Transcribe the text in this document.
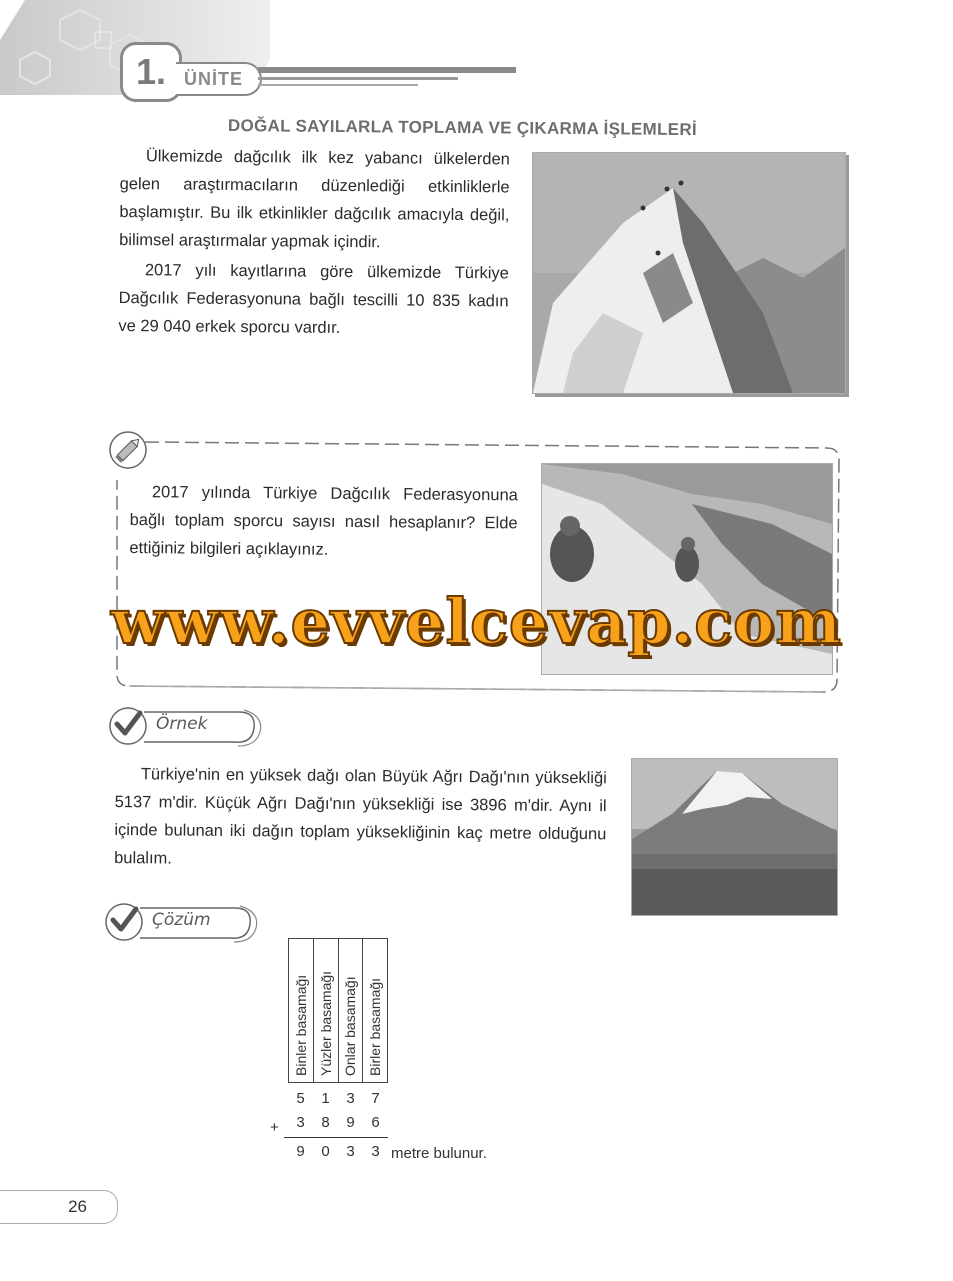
1. ÜNİTE
DOĞAL SAYILARLA TOPLAMA VE ÇIKARMA İŞLEMLERİ
Ülkemizde dağcılık ilk kez yabancı ülkelerden gelen araştırmacıların düzenlediği etkinliklerle başlamıştır. Bu ilk etkinlikler dağcılık amacıyla değil, bilimsel araştırmalar yapmak içindir.
2017 yılı kayıtlarına göre ülkemizde Türkiye Dağcılık Federasyonuna bağlı tescilli 10 835 kadın ve 29 040 erkek sporcu vardır.
2017 yılında Türkiye Dağcılık Federasyonuna bağlı toplam sporcu sayısı nasıl hesaplanır? Elde ettiğiniz bilgileri açıklayınız.
www.evvelcevap.com
Örnek
Türkiye'nin en yüksek dağı olan Büyük Ağrı Dağı'nın yüksekliği 5137 m'dir. Küçük Ağrı Dağı'nın yüksekliği ise 3896 m'dir. Aynı il içinde bulunan iki dağın toplam yüksekliğinin kaç metre olduğunu bulalım.
Çözüm
Binler basamağı Yüzler basamağı Onlar basamağı Birler basamağı
5	1	3	7
+	3	8	9	6
9	0	3	3 metre bulunur.
26
